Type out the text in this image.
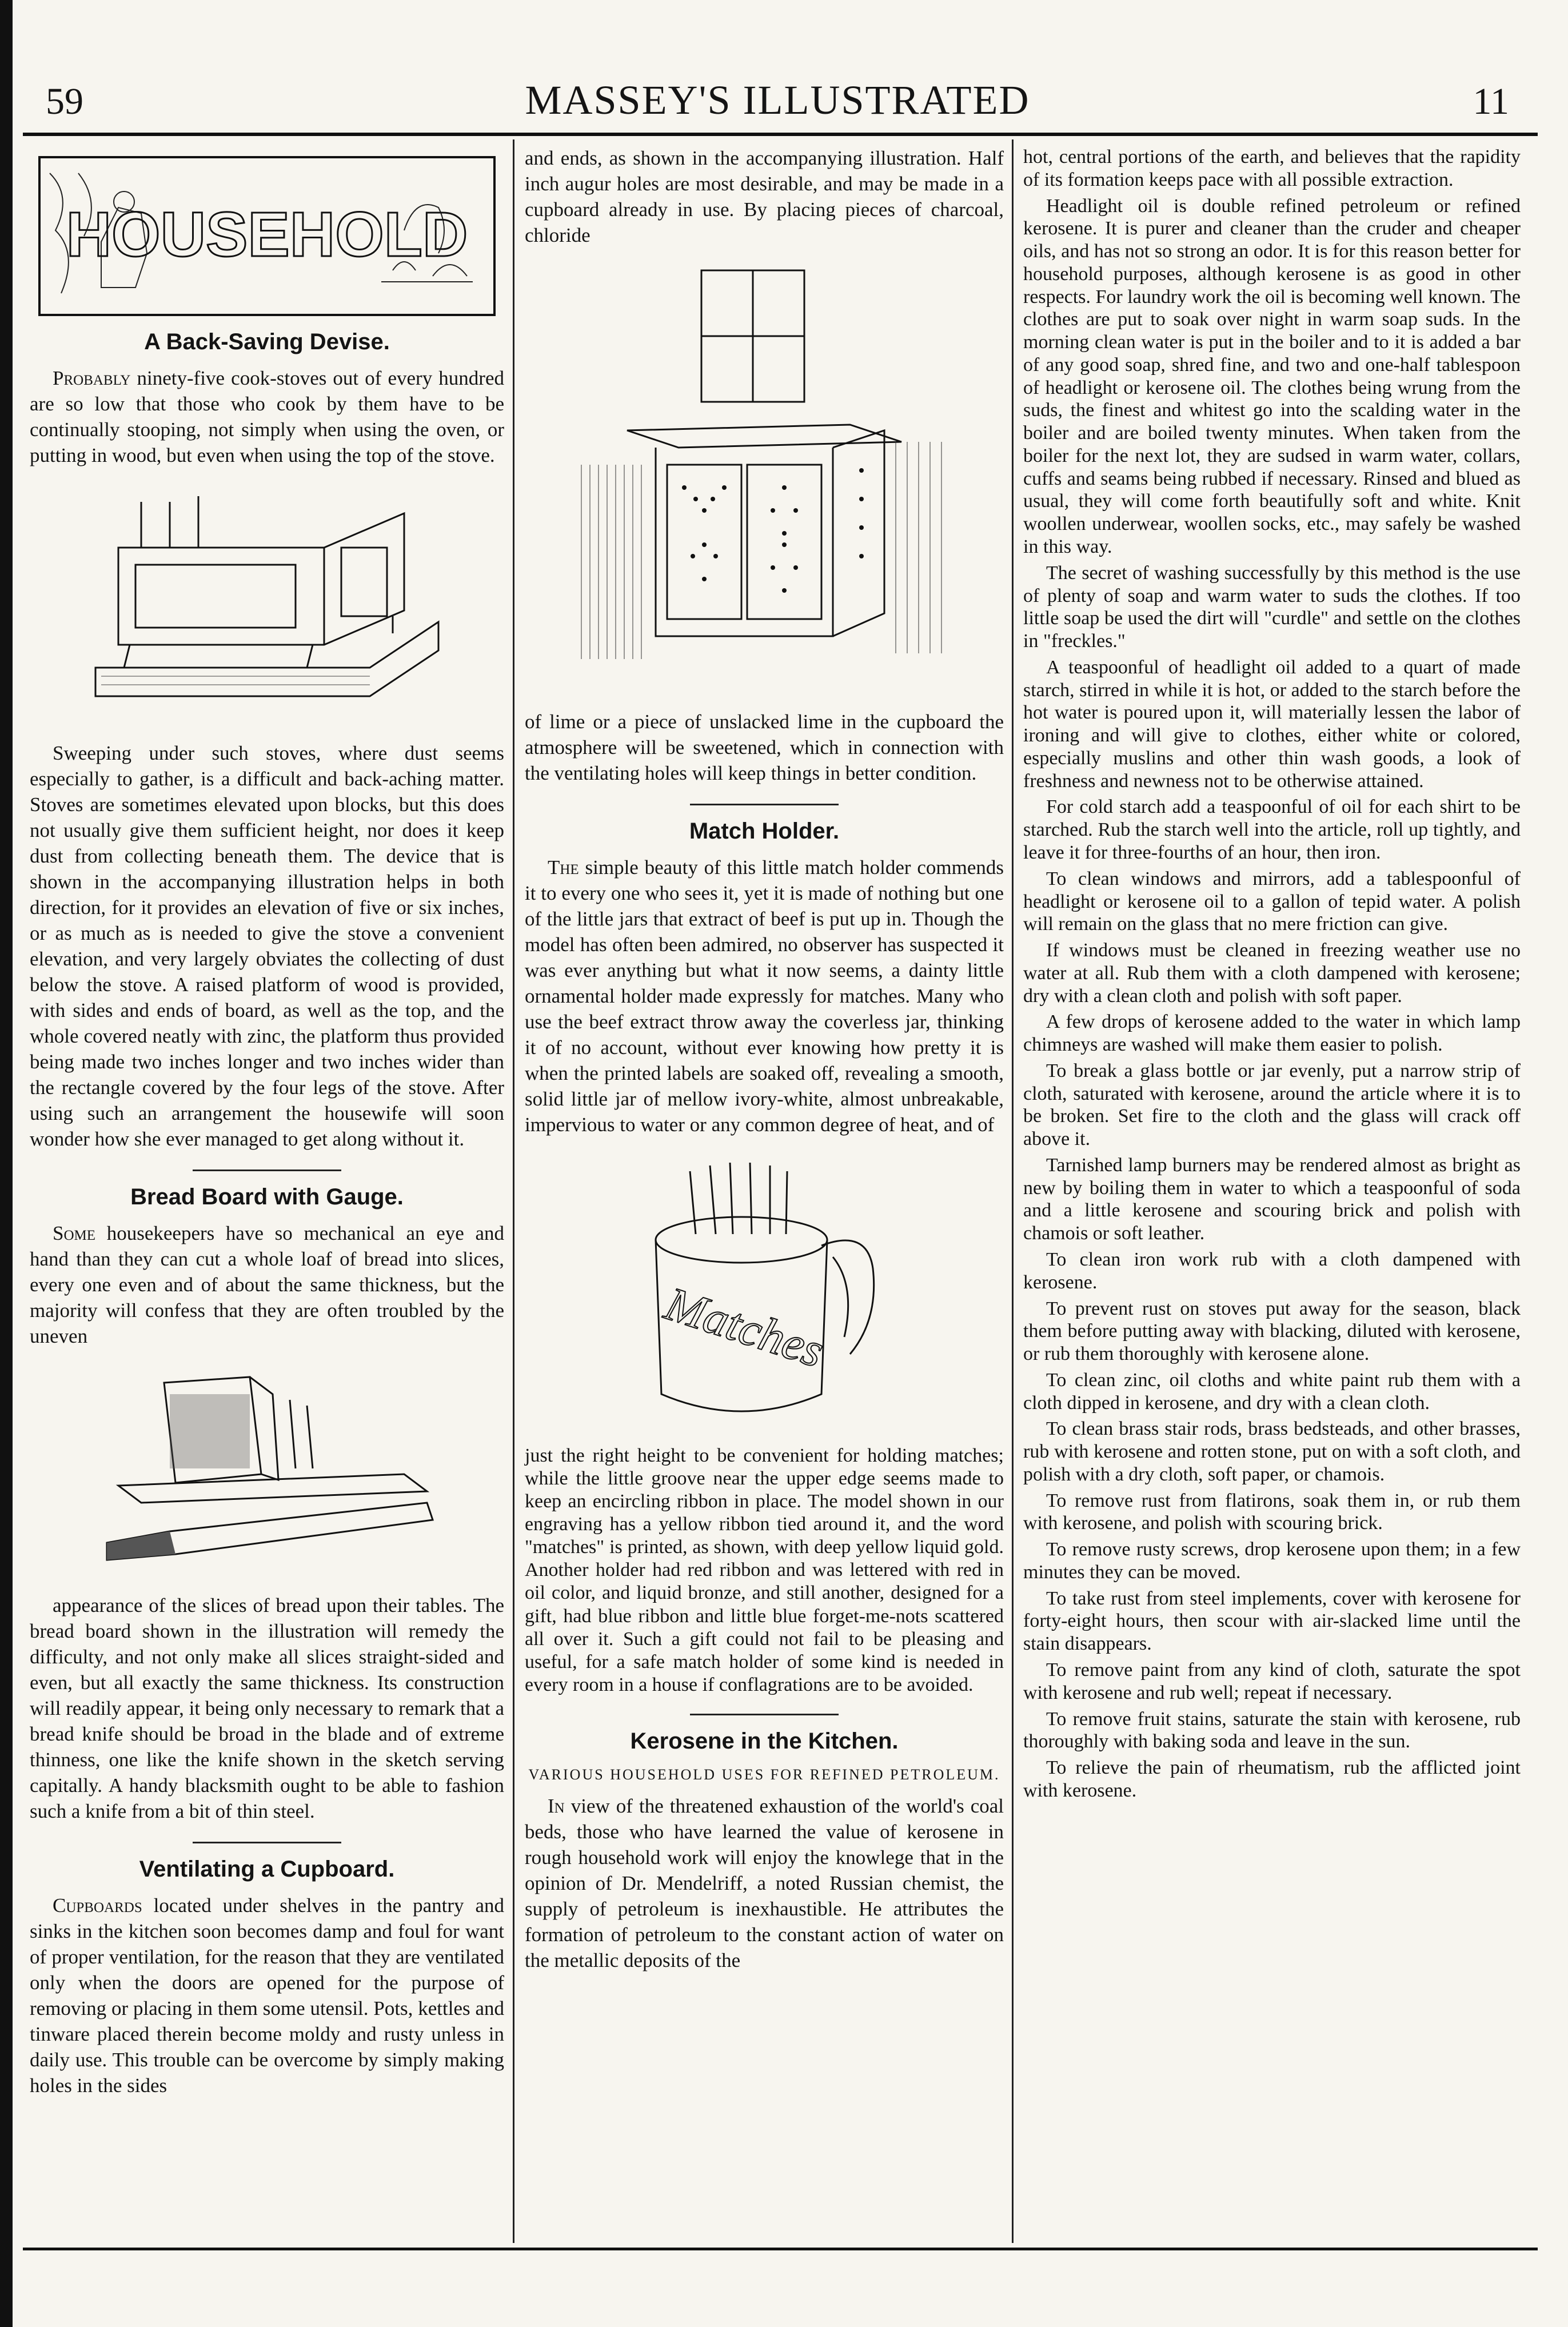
59	MASSEY'S ILLUSTRATED	11
HOUSEHOLD
A Back-Saving Devise.

Probably ninety-five cook-stoves out of every hundred are so low that those who cook by them have to be continually stooping, not simply when using the oven, or putting in wood, but even when using the top of the stove.

Sweeping under such stoves, where dust seems especially to gather, is a difficult and back-aching matter. Stoves are sometimes elevated upon blocks, but this does not usually give them sufficient height, nor does it keep dust from collecting beneath them. The device that is shown in the accompanying illustration helps in both direction, for it provides an elevation of five or six inches, or as much as is needed to give the stove a convenient elevation, and very largely obviates the collecting of dust below the stove. A raised platform of wood is provided, with sides and ends of board, as well as the top, and the whole covered neatly with zinc, the platform thus provided being made two inches longer and two inches wider than the rectangle covered by the four legs of the stove. After using such an arrangement the housewife will soon wonder how she ever managed to get along without it.

Bread Board with Gauge.

Some housekeepers have so mechanical an eye and hand than they can cut a whole loaf of bread into slices, every one even and of about the same thickness, but the majority will confess that they are often troubled by the uneven

appearance of the slices of bread upon their tables. The bread board shown in the illustration will remedy the difficulty, and not only make all slices straight-sided and even, but all exactly the same thickness. Its construction will readily appear, it being only necessary to remark that a bread knife should be broad in the blade and of extreme thinness, one like the knife shown in the sketch serving capitally. A handy blacksmith ought to be able to fashion such a knife from a bit of thin steel.

Ventilating a Cupboard.

Cupboards located under shelves in the pantry and sinks in the kitchen soon becomes damp and foul for want of proper ventilation, for the reason that they are ventilated only when the doors are opened for the purpose of removing or placing in them some utensil. Pots, kettles and tinware placed therein become moldy and rusty unless in daily use. This trouble can be overcome by simply making holes in the sides

and ends, as shown in the accompanying illustration. Half inch augur holes are most desirable, and may be made in a cupboard already in use. By placing pieces of charcoal, chloride

of lime or a piece of unslacked lime in the cupboard the atmosphere will be sweetened, which in connection with the ventilating holes will keep things in better condition.

Match Holder.

The simple beauty of this little match holder commends it to every one who sees it, yet it is made of nothing but one of the little jars that extract of beef is put up in. Though the model has often been admired, no observer has suspected it was ever anything but what it now seems, a dainty little ornamental holder made expressly for matches. Many who use the beef extract throw away the coverless jar, thinking it of no account, without ever knowing how pretty it is when the printed labels are soaked off, revealing a smooth, solid little jar of mellow ivory-white, almost unbreakable, impervious to water or any common degree of heat, and of

Matches

just the right height to be convenient for holding matches; while the little groove near the upper edge seems made to keep an encircling ribbon in place. The model shown in our engraving has a yellow ribbon tied around it, and the word "matches" is printed, as shown, with deep yellow liquid gold. Another holder had red ribbon and was lettered with red in oil color, and liquid bronze, and still another, designed for a gift, had blue ribbon and little blue forget-me-nots scattered all over it. Such a gift could not fail to be pleasing and useful, for a safe match holder of some kind is needed in every room in a house if conflagrations are to be avoided.

Kerosene in the Kitchen.
VARIOUS HOUSEHOLD USES FOR REFINED PETROLEUM.

In view of the threatened exhaustion of the world's coal beds, those who have learned the value of kerosene in rough household work will enjoy the knowlege that in the opinion of Dr. Mendelriff, a noted Russian chemist, the supply of petroleum is inexhaustible. He attributes the formation of petroleum to the constant action of water on the metallic deposits of the

hot, central portions of the earth, and believes that the rapidity of its formation keeps pace with all possible extraction.

Headlight oil is double refined petroleum or refined kerosene. It is purer and cleaner than the cruder and cheaper oils, and has not so strong an odor. It is for this reason better for household purposes, although kerosene is as good in other respects. For laundry work the oil is becoming well known. The clothes are put to soak over night in warm soap suds. In the morning clean water is put in the boiler and to it is added a bar of any good soap, shred fine, and two and one-half tablespoon of headlight or kerosene oil. The clothes being wrung from the suds, the finest and whitest go into the scalding water in the boiler and are boiled twenty minutes. When taken from the boiler for the next lot, they are sudsed in warm water, collars, cuffs and seams being rubbed if necessary. Rinsed and blued as usual, they will come forth beautifully soft and white. Knit woollen underwear, woollen socks, etc., may safely be washed in this way.

The secret of washing successfully by this method is the use of plenty of soap and warm water to suds the clothes. If too little soap be used the dirt will "curdle" and settle on the clothes in "freckles."

A teaspoonful of headlight oil added to a quart of made starch, stirred in while it is hot, or added to the starch before the hot water is poured upon it, will materially lessen the labor of ironing and will give to clothes, either white or colored, especially muslins and other thin wash goods, a look of freshness and newness not to be otherwise attained.

For cold starch add a teaspoonful of oil for each shirt to be starched. Rub the starch well into the article, roll up tightly, and leave it for three-fourths of an hour, then iron.

To clean windows and mirrors, add a tablespoonful of headlight or kerosene oil to a gallon of tepid water. A polish will remain on the glass that no mere friction can give.

If windows must be cleaned in freezing weather use no water at all. Rub them with a cloth dampened with kerosene; dry with a clean cloth and polish with soft paper.

A few drops of kerosene added to the water in which lamp chimneys are washed will make them easier to polish.

To break a glass bottle or jar evenly, put a narrow strip of cloth, saturated with kerosene, around the article where it is to be broken. Set fire to the cloth and the glass will crack off above it.

Tarnished lamp burners may be rendered almost as bright as new by boiling them in water to which a teaspoonful of soda and a little kerosene and scouring brick and polish with chamois or soft leather.

To clean iron work rub with a cloth dampened with kerosene.

To prevent rust on stoves put away for the season, black them before putting away with blacking, diluted with kerosene, or rub them thoroughly with kerosene alone.

To clean zinc, oil cloths and white paint rub them with a cloth dipped in kerosene, and dry with a clean cloth.

To clean brass stair rods, brass bedsteads, and other brasses, rub with kerosene and rotten stone, put on with a soft cloth, and polish with a dry cloth, soft paper, or chamois.

To remove rust from flatirons, soak them in, or rub them with kerosene, and polish with scouring brick.

To remove rusty screws, drop kerosene upon them; in a few minutes they can be moved.

To take rust from steel implements, cover with kerosene for forty-eight hours, then scour with air-slacked lime until the stain disappears.

To remove paint from any kind of cloth, saturate the spot with kerosene and rub well; repeat if necessary.

To remove fruit stains, saturate the stain with kerosene, rub thoroughly with baking soda and leave in the sun.

To relieve the pain of rheumatism, rub the afflicted joint with kerosene.
